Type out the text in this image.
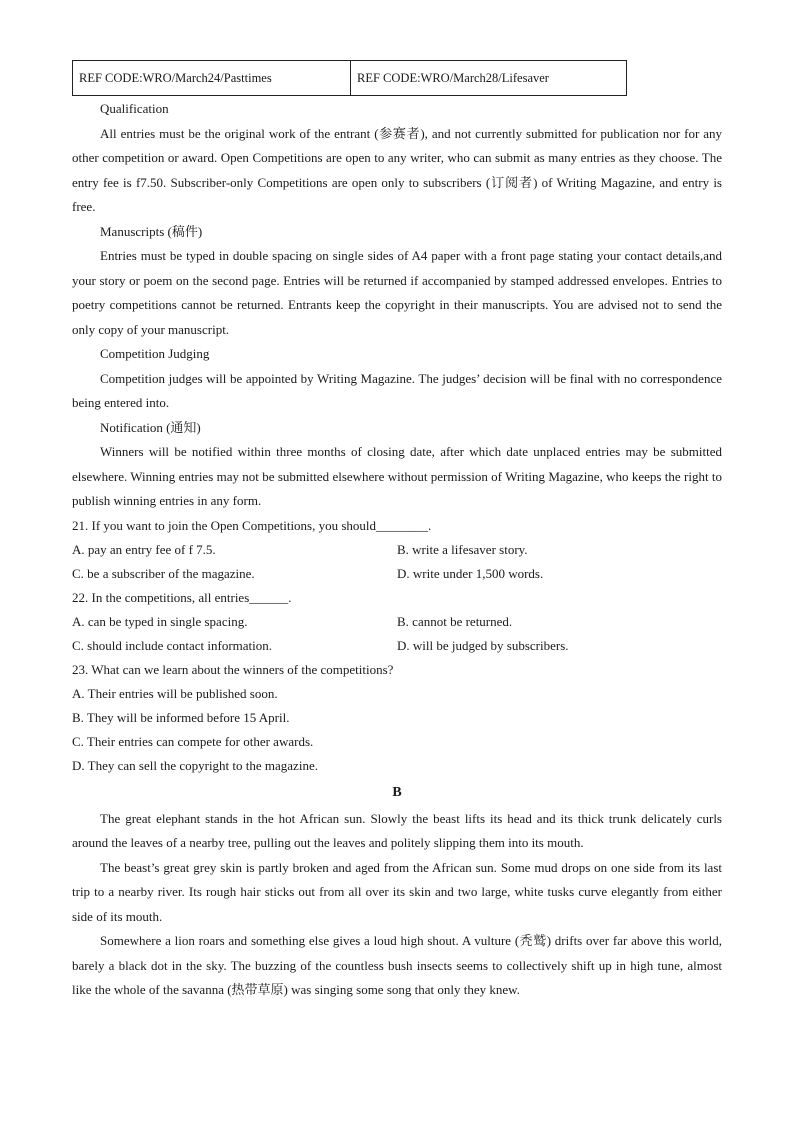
REF CODE:WRO/March24/Pasttimes	REF CODE:WRO/March28/Lifesaver

Qualification

All entries must be the original work of the entrant (参赛者), and not currently submitted for publication nor for any other competition or award. Open Competitions are open to any writer, who can submit as many entries as they choose. The entry fee is f7.50. Subscriber-only Competitions are open only to subscribers (订阅者) of Writing Magazine, and entry is free.

Manuscripts (稿件)

Entries must be typed in double spacing on single sides of A4 paper with a front page stating your contact details,and your story or poem on the second page. Entries will be returned if accompanied by stamped addressed envelopes. Entries to poetry competitions cannot be returned. Entrants keep the copyright in their manuscripts. You are advised not to send the only copy of your manuscript.

Competition Judging

Competition judges will be appointed by Writing Magazine. The judges’ decision will be final with no correspondence being entered into.

Notification (通知)

Winners will be notified within three months of closing date, after which date unplaced entries may be submitted elsewhere. Winning entries may not be submitted elsewhere without permission of Writing Magazine, who keeps the right to publish winning entries in any form.

21. If you want to join the Open Competitions, you should________.
A. pay an entry fee of f 7.5.	B. write a lifesaver story.
C. be a subscriber of the magazine.	D. write under 1,500 words.
22. In the competitions, all entries______.
A. can be typed in single spacing.	B. cannot be returned.
C. should include contact information.	D. will be judged by subscribers.
23. What can we learn about the winners of the competitions?
A. Their entries will be published soon.
B. They will be informed before 15 April.
C. Their entries can compete for other awards.
D. They can sell the copyright to the magazine.
B

The great elephant stands in the hot African sun. Slowly the beast lifts its head and its thick trunk delicately curls around the leaves of a nearby tree, pulling out the leaves and politely slipping them into its mouth.

The beast’s great grey skin is partly broken and aged from the African sun. Some mud drops on one side from its last trip to a nearby river. Its rough hair sticks out from all over its skin and two large, white tusks curve elegantly from either side of its mouth.

Somewhere a lion roars and something else gives a loud high shout. A vulture (秃鹫) drifts over far above this world, barely a black dot in the sky. The buzzing of the countless bush insects seems to collectively shift up in high tune, almost like the whole of the savanna (热带草原) was singing some song that only they knew.
